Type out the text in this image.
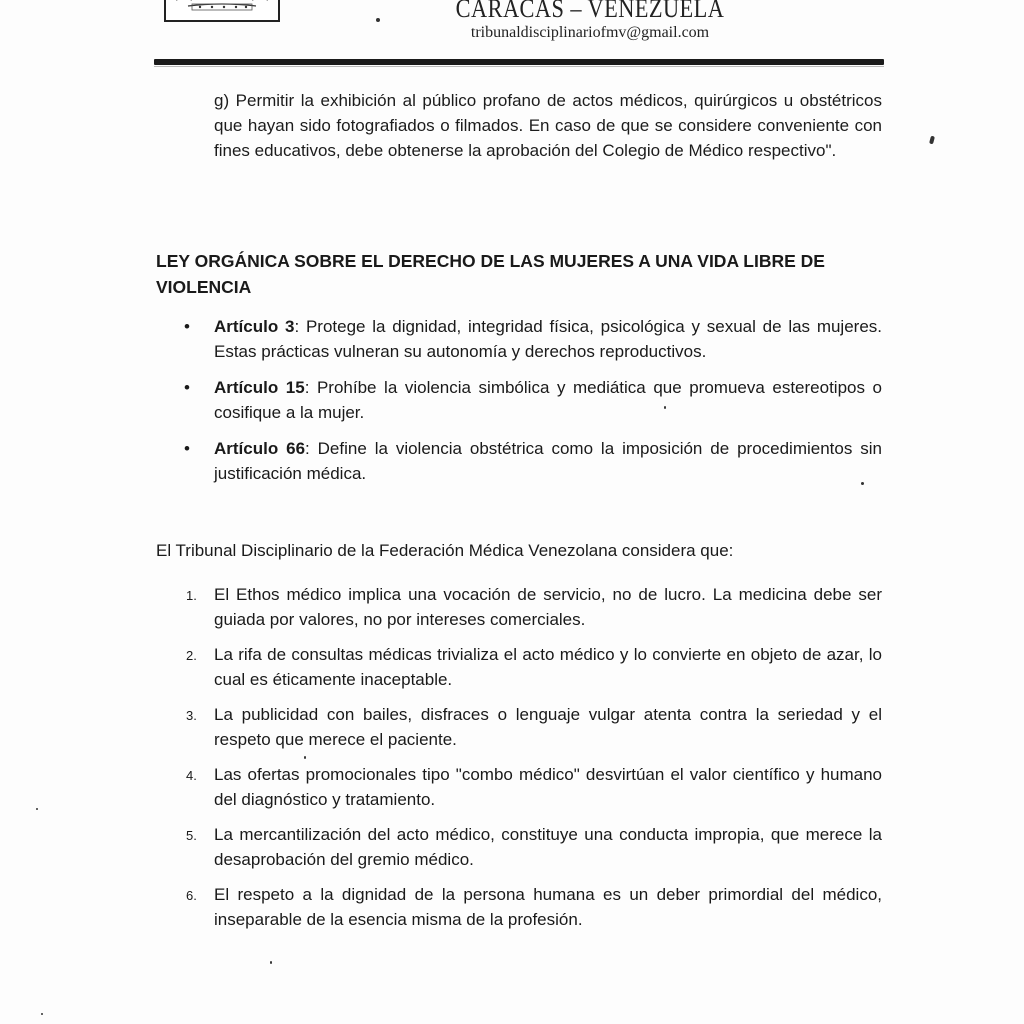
CARACAS – VENEZUELA
tribunaldisciplinariofmv@gmail.com
g) Permitir la exhibición al público profano de actos médicos, quirúrgicos u obstétricos que hayan sido fotografiados o filmados. En caso de que se considere conveniente con fines educativos, debe obtenerse la aprobación del Colegio de Médico respectivo".
LEY ORGÁNICA SOBRE EL DERECHO DE LAS MUJERES A UNA VIDA LIBRE DE VIOLENCIA
• Artículo 3: Protege la dignidad, integridad física, psicológica y sexual de las mujeres. Estas prácticas vulneran su autonomía y derechos reproductivos.
• Artículo 15: Prohíbe la violencia simbólica y mediática que promueva estereotipos o cosifique a la mujer.
• Artículo 66: Define la violencia obstétrica como la imposición de procedimientos sin justificación médica.
El Tribunal Disciplinario de la Federación Médica Venezolana considera que:
1. El Ethos médico implica una vocación de servicio, no de lucro. La medicina debe ser guiada por valores, no por intereses comerciales.
2. La rifa de consultas médicas trivializa el acto médico y lo convierte en objeto de azar, lo cual es éticamente inaceptable.
3. La publicidad con bailes, disfraces o lenguaje vulgar atenta contra la seriedad y el respeto que merece el paciente.
4. Las ofertas promocionales tipo "combo médico" desvirtúan el valor científico y humano del diagnóstico y tratamiento.
5. La mercantilización del acto médico, constituye una conducta impropia, que merece la desaprobación del gremio médico.
6. El respeto a la dignidad de la persona humana es un deber primordial del médico, inseparable de la esencia misma de la profesión.
